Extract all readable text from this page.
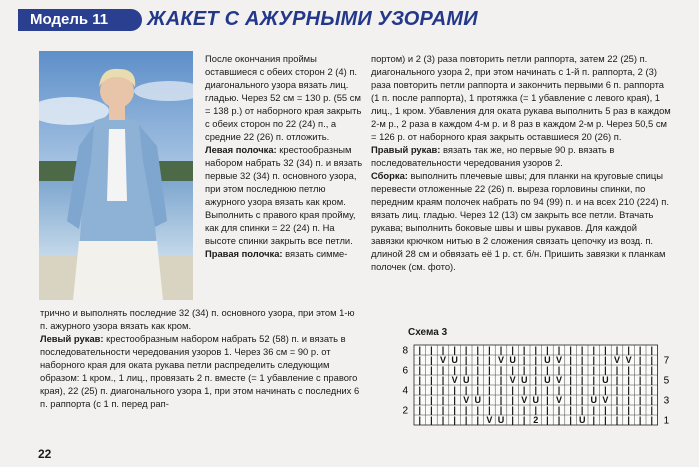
Модель 11 ЖАКЕТ С АЖУРНЫМИ УЗОРАМИ

После окончания проймы оставшиеся с обеих сторон 2 (4) п. диагонального узора вязать лиц. гладью. Через 52 см = 130 р. (55 см = 138 р.) от наборного края закрыть с обеих сторон по 22 (24) п., а средние 22 (26) п. отложить.

Левая полочка: крестообразным набором набрать 32 (34) п. и вязать первые 32 (34) п. основного узора, при этом последнюю петлю ажурного узора вязать как кром. Выполнить с правого края пройму, как для спинки = 22 (24) п. На высоте спинки закрыть все петли.

Правая полочка: вязать симме-

трично и выполнять последние 32 (34) п. основного узора, при этом 1-ю п. ажурного узора вязать как кром.

Левый рукав: крестообразным набором набрать 52 (58) п. и вязать в последовательности чередования узоров 1. Через 36 см = 90 р. от наборного края для оката рукава петли распределить следующим образом: 1 кром., 1 лиц., провязать 2 п. вместе (= 1 убавление с правого края), 22 (25) п. диагонального узора 1, при этом начинать с последних 6 п. раппорта (с 1 п. перед рап-

портом) и 2 (3) раза повторить петли раппорта, затем 22 (25) п. диагонального узора 2, при этом начинать с 1-й п. раппорта, 2 (3) раза повторить петли раппорта и закончить первыми 6 п. раппорта (1 п. после раппорта), 1 протяжка (= 1 убавление с левого края), 1 лиц., 1 кром. Убавления для оката рукава выполнить 5 раз в каждом 2-м р., 2 раза в каждом 4-м р. и 8 раз в каждом 2-м р. Через 50,5 см = 126 р. от наборного края закрыть оставшиеся 20 (26) п.

Правый рукав: вязать так же, но первые 90 р. вязать в последовательности чередования узоров 2.

Сборка: выполнить плечевые швы; для планки на круговые спицы перевести отложенные 22 (26) п. выреза горловины спинки, по передним краям полочек набрать по 94 (99) п. и на всех 210 (224) п. вязать лиц. гладью. Через 12 (13) см закрыть все петли. Втачать рукава; выполнить боковые швы и швы рукавов. Для каждой завязки крючком нитью в 2 сложения связать цепочку из возд. п. длиной 28 см и обвязать её 1 р. ст. б/н. Пришить завязки к планкам полочек (см. фото).

Схема 3
| | | | | | | | | | | | | | | | | | | | |
| | V U | | | V U | | U V | | | | V V | |
| | | | | | | | | | | | | | | | | | | | |
| | | V U | | | V U | U V | | | U | | | |
| | | | | | | | | | | | | | | | | | | | |
| | | | V U | | | V U | V | | U V | | | |
| | | | | | | | | | | | | | | | | | | | |
| | | | | | V U | | 2 | | | U | | | | | |
8
6
4
2
7
5
3
1
22
